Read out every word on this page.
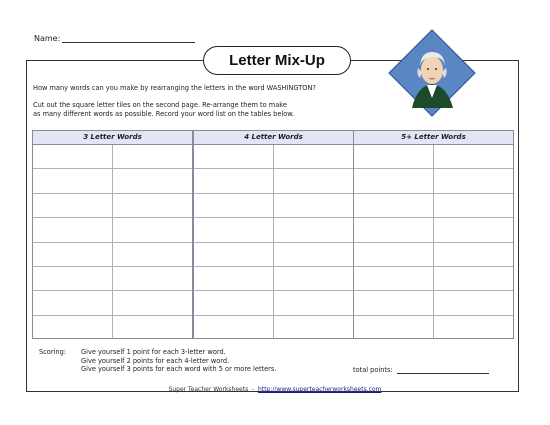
Name:
Letter Mix-Up
How many words can you make by rearranging the letters in the word WASHINGTON?
Cut out the square letter tiles on the second page. Re-arrange them to make
as many different words as possible. Record your word list on the tables below.
3 Letter Words	4 Letter Words	5+ Letter Words
Scoring: Give yourself 1 point for each 3-letter word.
Give yourself 2 points for each 4-letter word.
Give yourself 3 points for each word with 5 or more letters.	total points:
Super Teacher Worksheets - http://www.superteacherworksheets.com
